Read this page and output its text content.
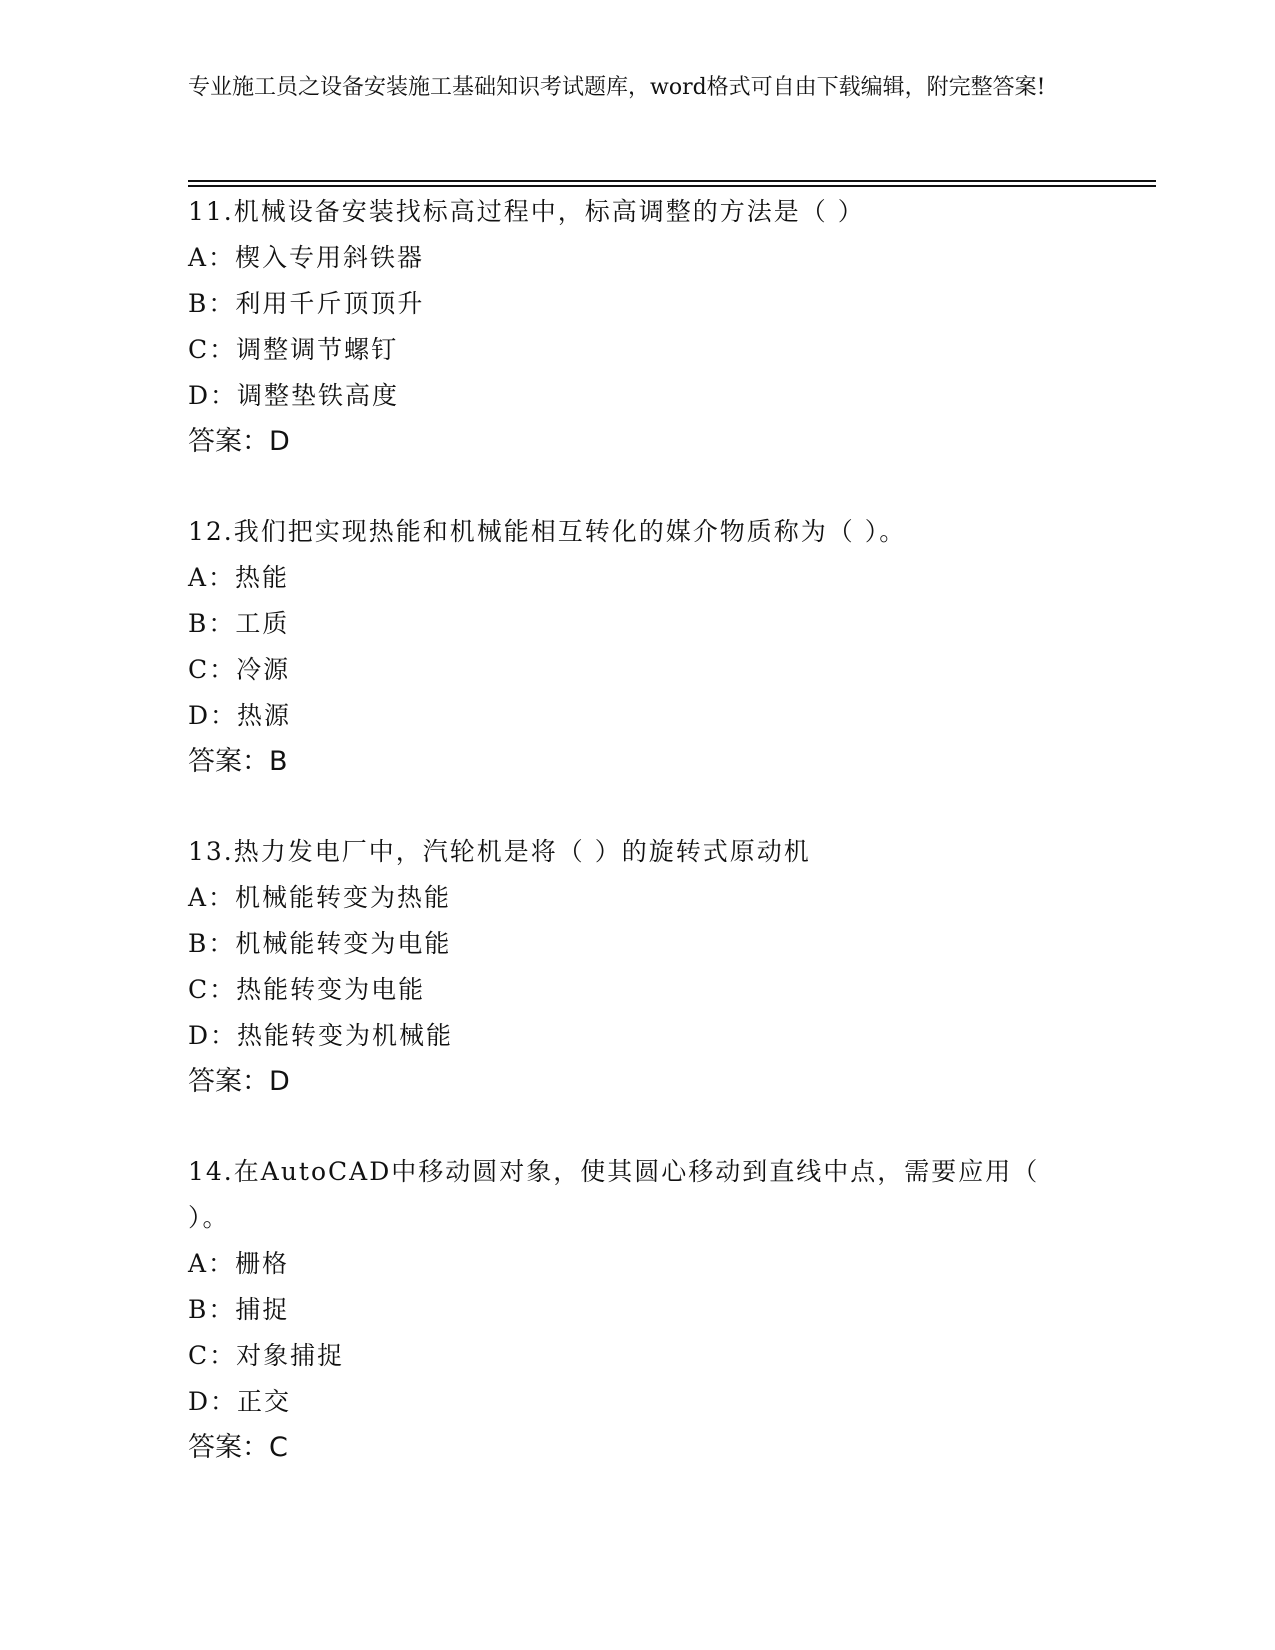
专业施工员之设备安装施工基础知识考试题库，word格式可自由下载编辑，附完整答案!
11.机械设备安装找标高过程中，标高调整的方法是（ ）
A：楔入专用斜铁器
B：利用千斤顶顶升
C：调整调节螺钉
D：调整垫铁高度
答案：D
12.我们把实现热能和机械能相互转化的媒介物质称为（ ）。
A：热能
B：工质
C：冷源
D：热源
答案：B
13.热力发电厂中，汽轮机是将（ ）的旋转式原动机
A：机械能转变为热能
B：机械能转变为电能
C：热能转变为电能
D：热能转变为机械能
答案：D
14.在AutoCAD中移动圆对象，使其圆心移动到直线中点，需要应用（ ）。
A：栅格
B：捕捉
C：对象捕捉
D：正交
答案：C
